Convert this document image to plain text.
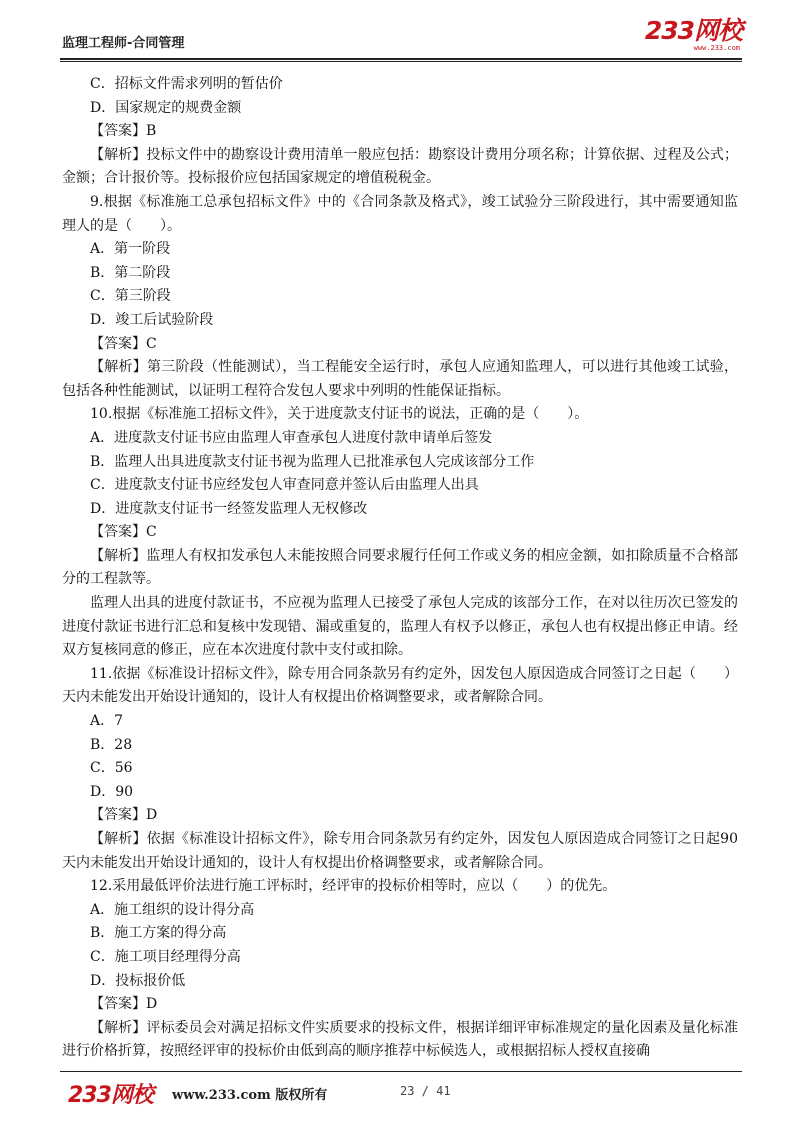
监理工程师-合同管理	233网校
www.233.com
C．招标文件需求列明的暂估价
D．国家规定的规费金额
【答案】B
【解析】投标文件中的勘察设计费用清单一般应包括：勘察设计费用分项名称；计算依据、过程及公式；金额；合计报价等。投标报价应包括国家规定的增值税税金。
9.根据《标准施工总承包招标文件》中的《合同条款及格式》，竣工试验分三阶段进行，其中需要通知监理人的是（　　）。
A．第一阶段
B．第二阶段
C．第三阶段
D．竣工后试验阶段
【答案】C
【解析】第三阶段（性能测试），当工程能安全运行时，承包人应通知监理人，可以进行其他竣工试验，包括各种性能测试，以证明工程符合发包人要求中列明的性能保证指标。
10.根据《标准施工招标文件》，关于进度款支付证书的说法，正确的是（　　）。
A．进度款支付证书应由监理人审查承包人进度付款申请单后签发
B．监理人出具进度款支付证书视为监理人已批准承包人完成该部分工作
C．进度款支付证书应经发包人审查同意并签认后由监理人出具
D．进度款支付证书一经签发监理人无权修改
【答案】C
【解析】监理人有权扣发承包人未能按照合同要求履行任何工作或义务的相应金额，如扣除质量不合格部分的工程款等。
监理人出具的进度付款证书，不应视为监理人已接受了承包人完成的该部分工作，在对以往历次已签发的进度付款证书进行汇总和复核中发现错、漏或重复的，监理人有权予以修正，承包人也有权提出修正申请。经双方复核同意的修正，应在本次进度付款中支付或扣除。
11.依据《标准设计招标文件》，除专用合同条款另有约定外，因发包人原因造成合同签订之日起（　　）天内未能发出开始设计通知的，设计人有权提出价格调整要求，或者解除合同。
A．7
B．28
C．56
D．90
【答案】D
【解析】依据《标准设计招标文件》，除专用合同条款另有约定外，因发包人原因造成合同签订之日起90天内未能发出开始设计通知的，设计人有权提出价格调整要求，或者解除合同。
12.采用最低评价法进行施工评标时，经评审的投标价相等时，应以（　　）的优先。
A．施工组织的设计得分高
B．施工方案的得分高
C．施工项目经理得分高
D．投标报价低
【答案】D
【解析】评标委员会对满足招标文件实质要求的投标文件，根据详细评审标准规定的量化因素及量化标准进行价格折算，按照经评审的投标价由低到高的顺序推荐中标候选人，或根据招标人授权直接确
233网校 www.233.com 版权所有	23 / 41
